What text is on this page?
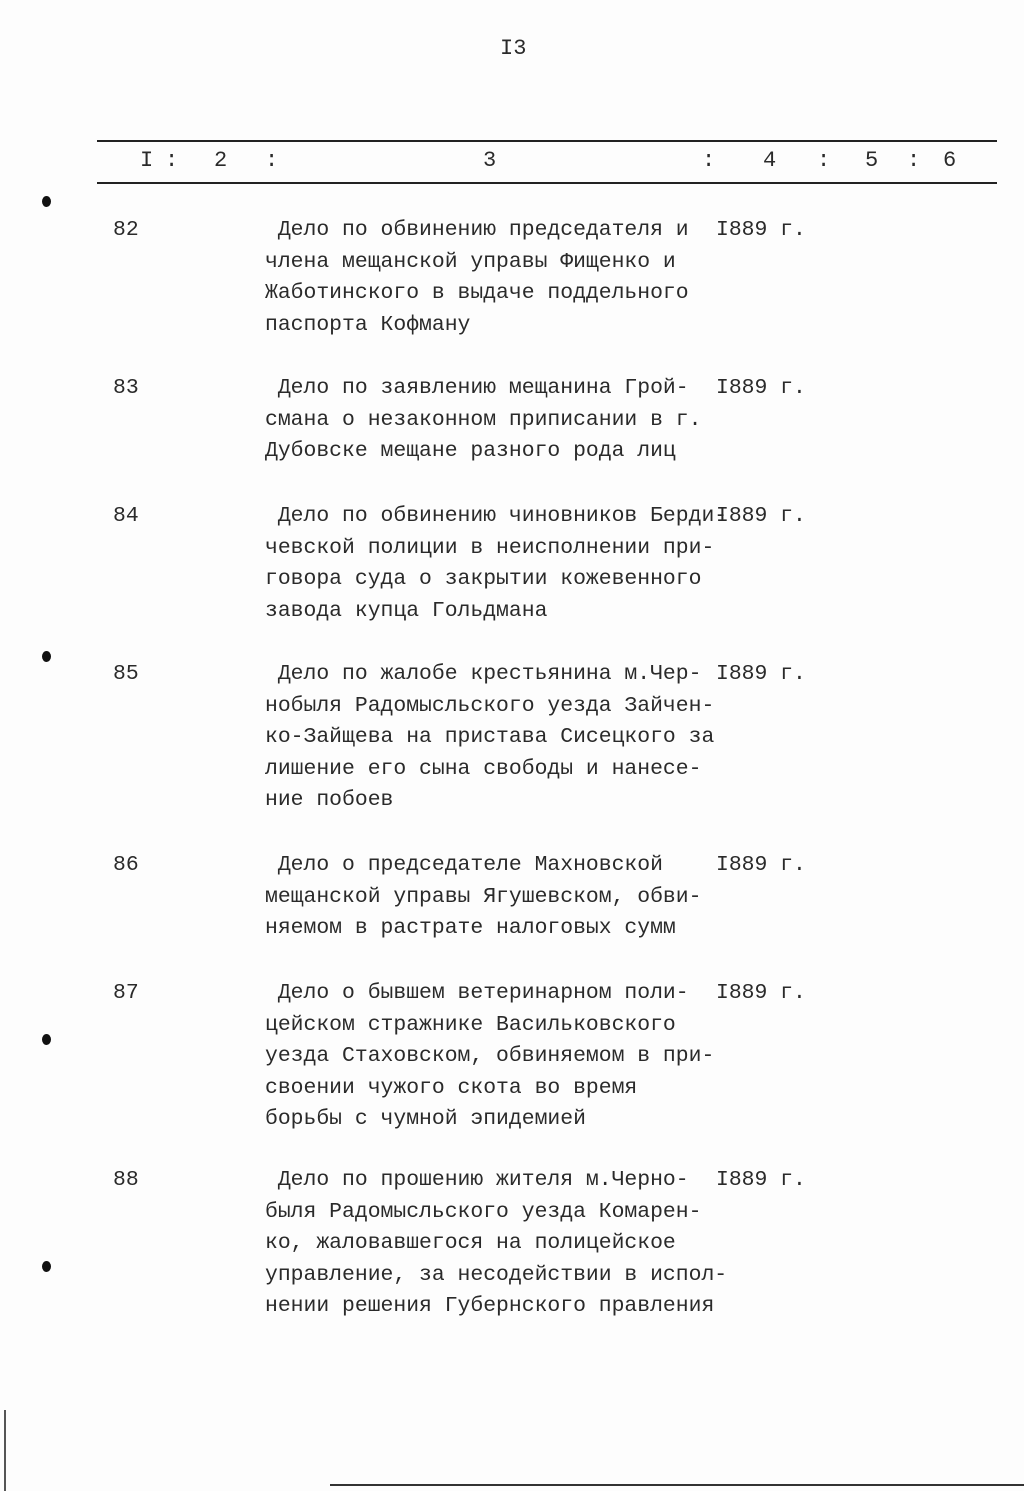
I3
I : 2 :	3	: 4 : 5 : 6
82	Дело по обвинению председателя и
члена мещанской управы Фищенко и
Жаботинского в выдаче поддельного
паспорта Кофману
I889 г.
83	Дело по заявлению мещанина Грой-
смана о незаконном приписании в г.
Дубовске мещане разного рода лиц
I889 г.
84	Дело по обвинению чиновников Берди-
чевской полиции в неисполнении при-
говора суда о закрытии кожевенного
завода купца Гольдмана
I889 г.
85	Дело по жалобе крестьянина м.Чер-
нобыля Радомысльского уезда Зайчен-
ко-Зайщева на пристава Сисецкого за
лишение его сына свободы и нанесе-
ние побоев
I889 г.
86	Дело о председателе Махновской
мещанской управы Ягушевском, обви-
няемом в растрате налоговых сумм
I889 г.
87	Дело о бывшем ветеринарном поли-
цейском стражнике Васильковского
уезда Стаховском, обвиняемом в при-
своении чужого скота во время
борьбы с чумной эпидемией
I889 г.
88	Дело по прошению жителя м.Черно-
быля Радомысльского уезда Комарен-
ко, жаловавшегося на полицейское
управление, за несодействии в испол-
нении решения Губернского правления
I889 г.
